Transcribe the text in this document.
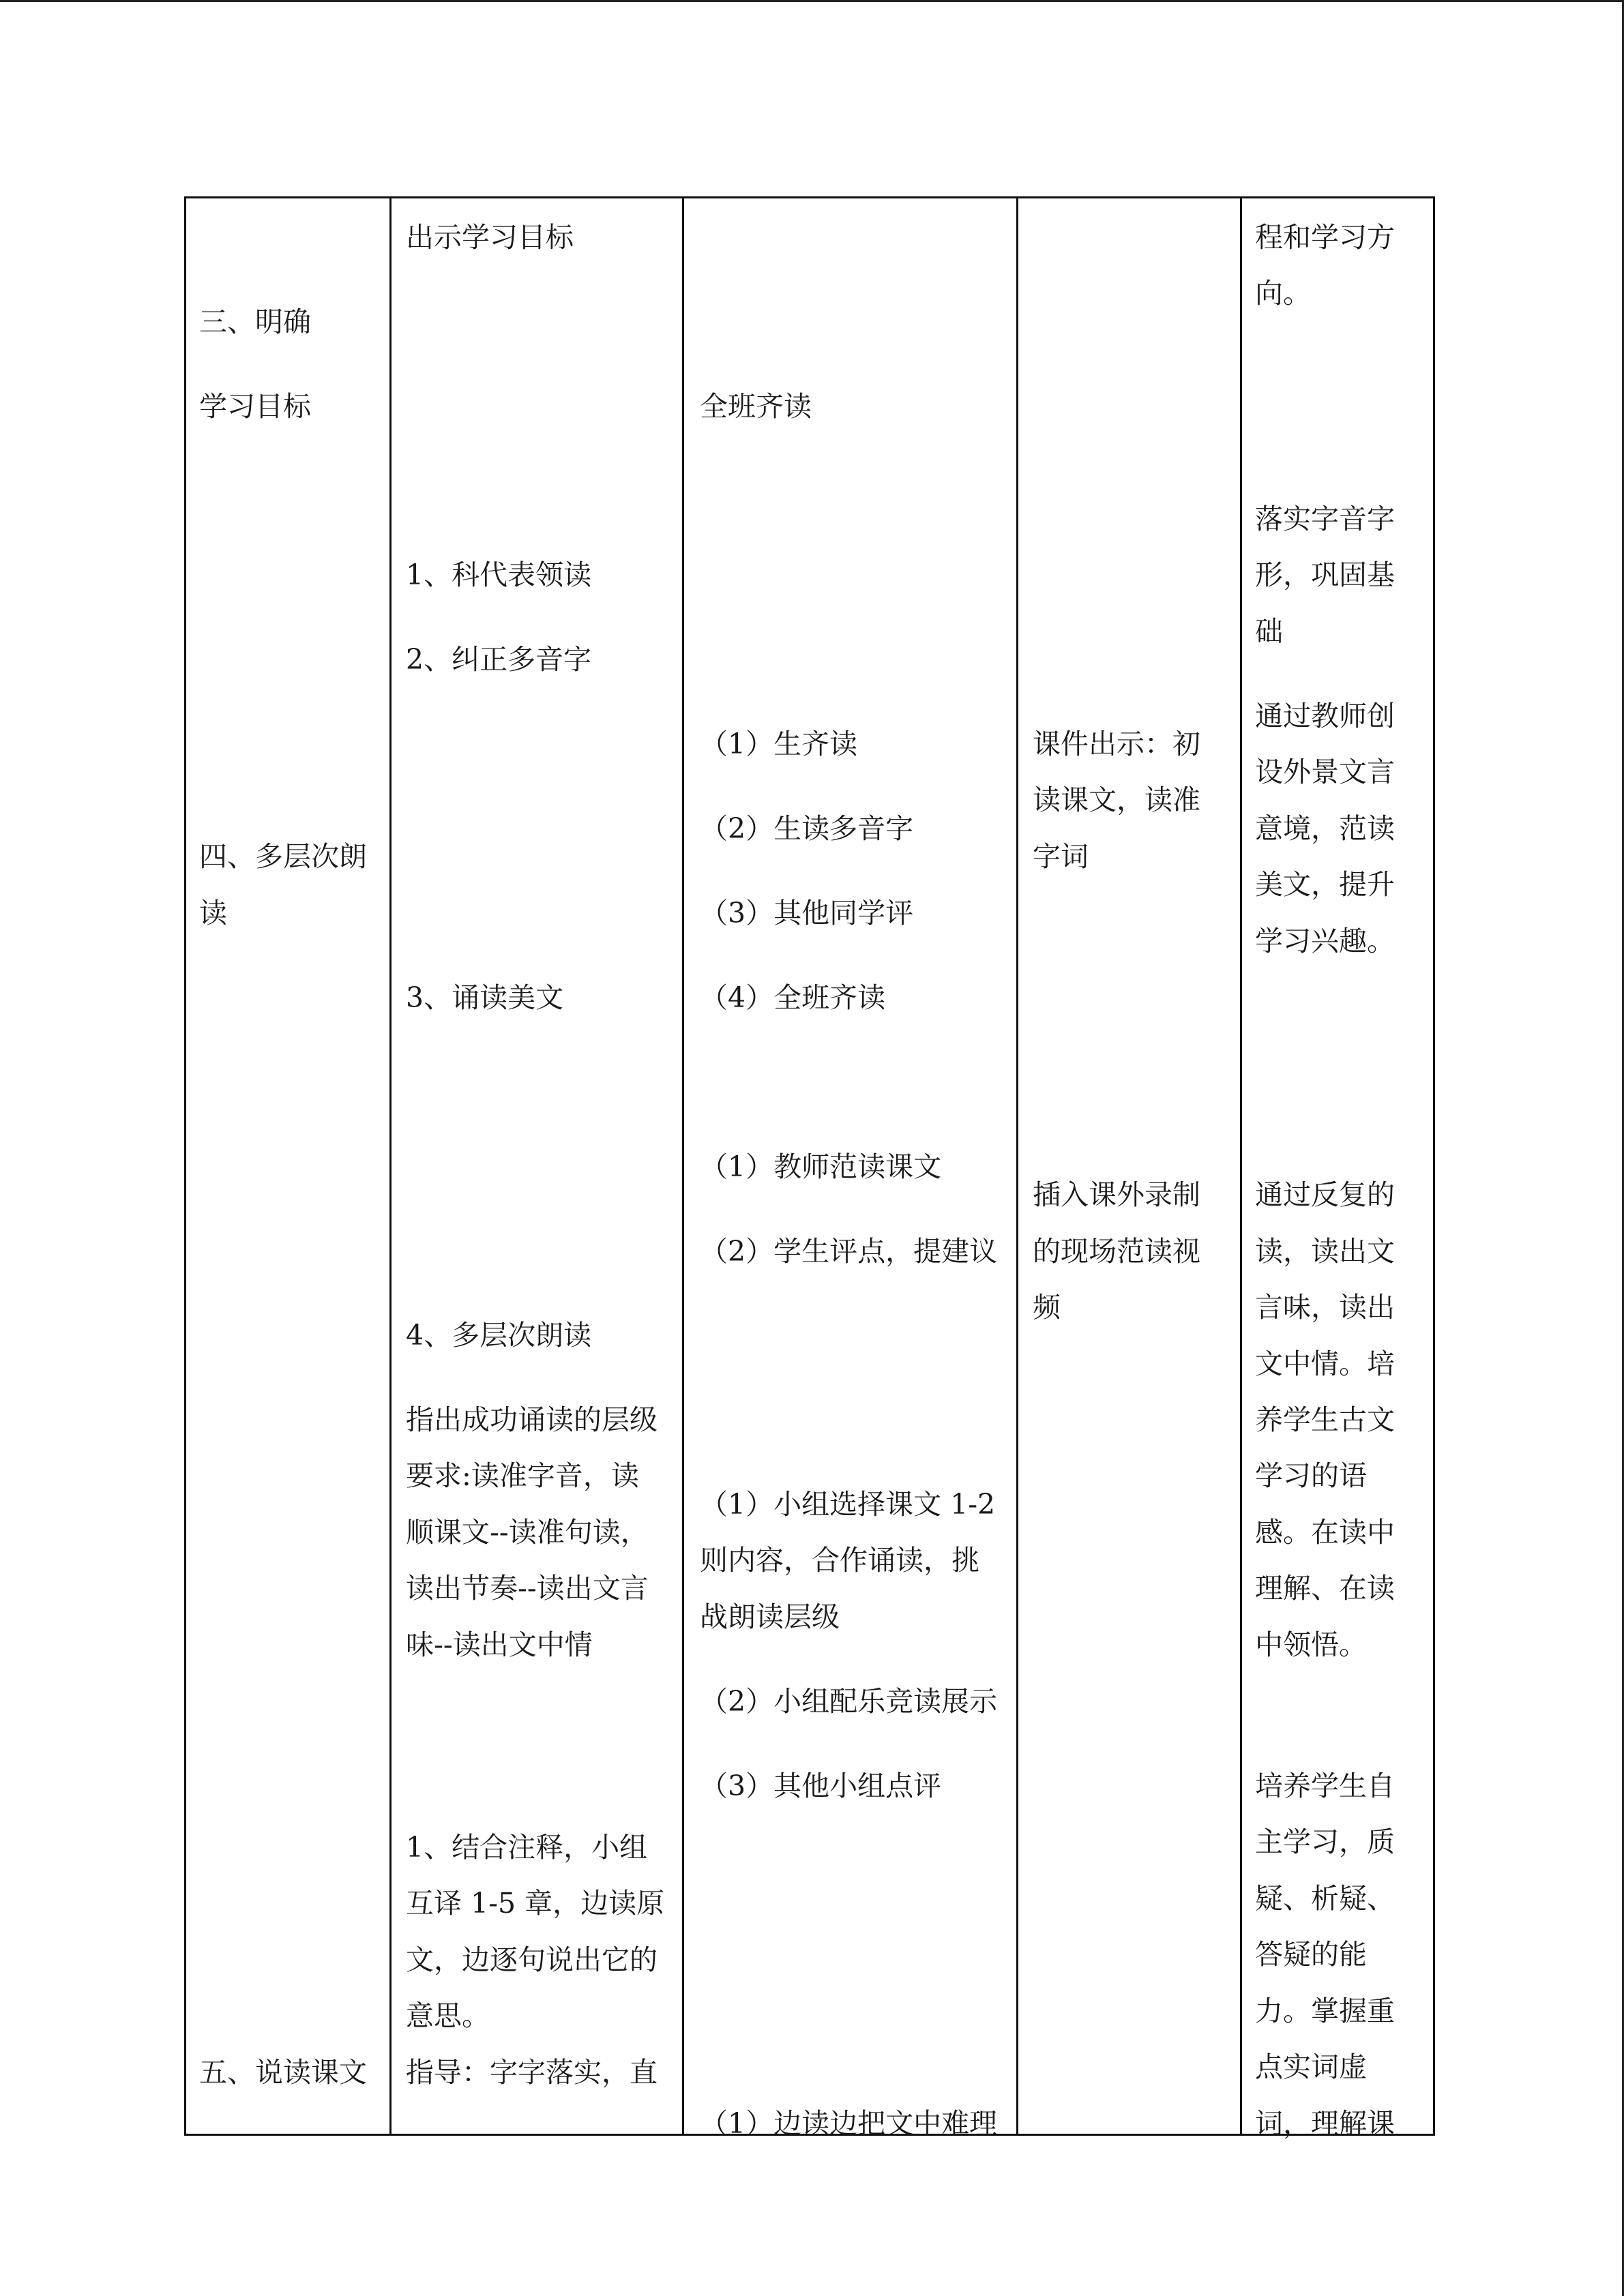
三、明确
学习目标
四、多层次朗
读
五、说读课文
出示学习目标
1、科代表领读
2、纠正多音字
3、诵读美文
4、多层次朗读
指出成功诵读的层级
要求:读准字音，读
顺课文--读准句读，
读出节奏--读出文言
味--读出文中情
1、结合注释，小组
互译 1-5 章，边读原
文，边逐句说出它的
意思。
指导：字字落实，直
全班齐读
（1）生齐读
（2）生读多音字
（3）其他同学评
（4）全班齐读
（1）教师范读课文
（2）学生评点，提建议
（1）小组选择课文 1-2
则内容，合作诵读，挑
战朗读层级
（2）小组配乐竞读展示
（3）其他小组点评
（1）边读边把文中难理
课件出示：初
读课文，读准
字词
插入课外录制
的现场范读视
频
程和学习方
向。
落实字音字
形，巩固基
础
通过教师创
设外景文言
意境，范读
美文，提升
学习兴趣。
通过反复的
读，读出文
言味，读出
文中情。培
养学生古文
学习的语
感。在读中
理解、在读
中领悟。
培养学生自
主学习，质
疑、析疑、
答疑的能
力。掌握重
点实词虚
词，理解课
